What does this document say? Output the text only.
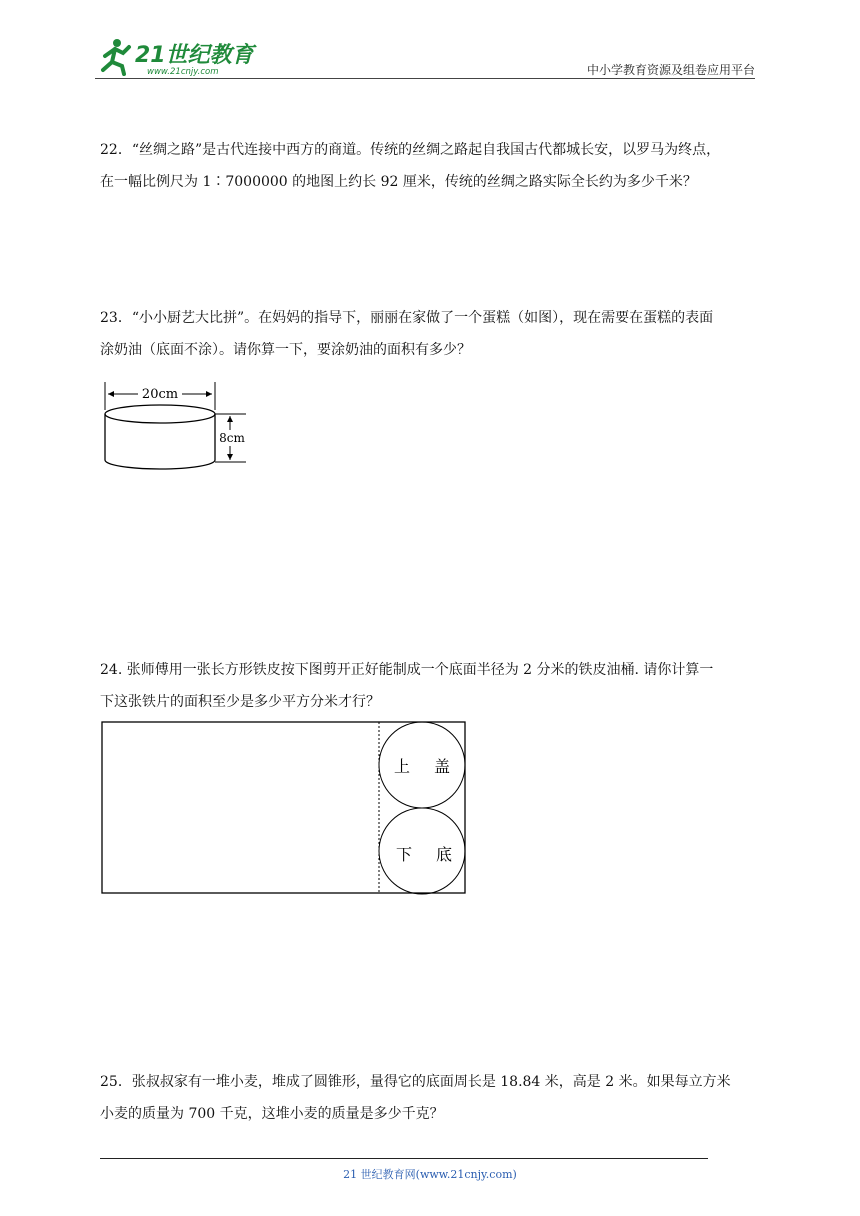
21世纪教育
www.21cnjy.com	中小学教育资源及组卷应用平台

22．“丝绸之路”是古代连接中西方的商道。传统的丝绸之路起自我国古代都城长安，以罗马为终点，

在一幅比例尺为 1∶7000000 的地图上约长 92 厘米，传统的丝绸之路实际全长约为多少千米？

23．“小小厨艺大比拼”。在妈妈的指导下，丽丽在家做了一个蛋糕（如图），现在需要在蛋糕的表面

涂奶油（底面不涂）。请你算一下，要涂奶油的面积有多少？

20cm
8cm

24. 张师傅用一张长方形铁皮按下图剪开正好能制成一个底面半径为 2 分米的铁皮油桶. 请你计算一

下这张铁片的面积至少是多少平方分米才行？

上 盖
下 底

25．张叔叔家有一堆小麦，堆成了圆锥形，量得它的底面周长是 18.84 米，高是 2 米。如果每立方米

小麦的质量为 700 千克，这堆小麦的质量是多少千克？

21 世纪教育网(www.21cnjy.com)
